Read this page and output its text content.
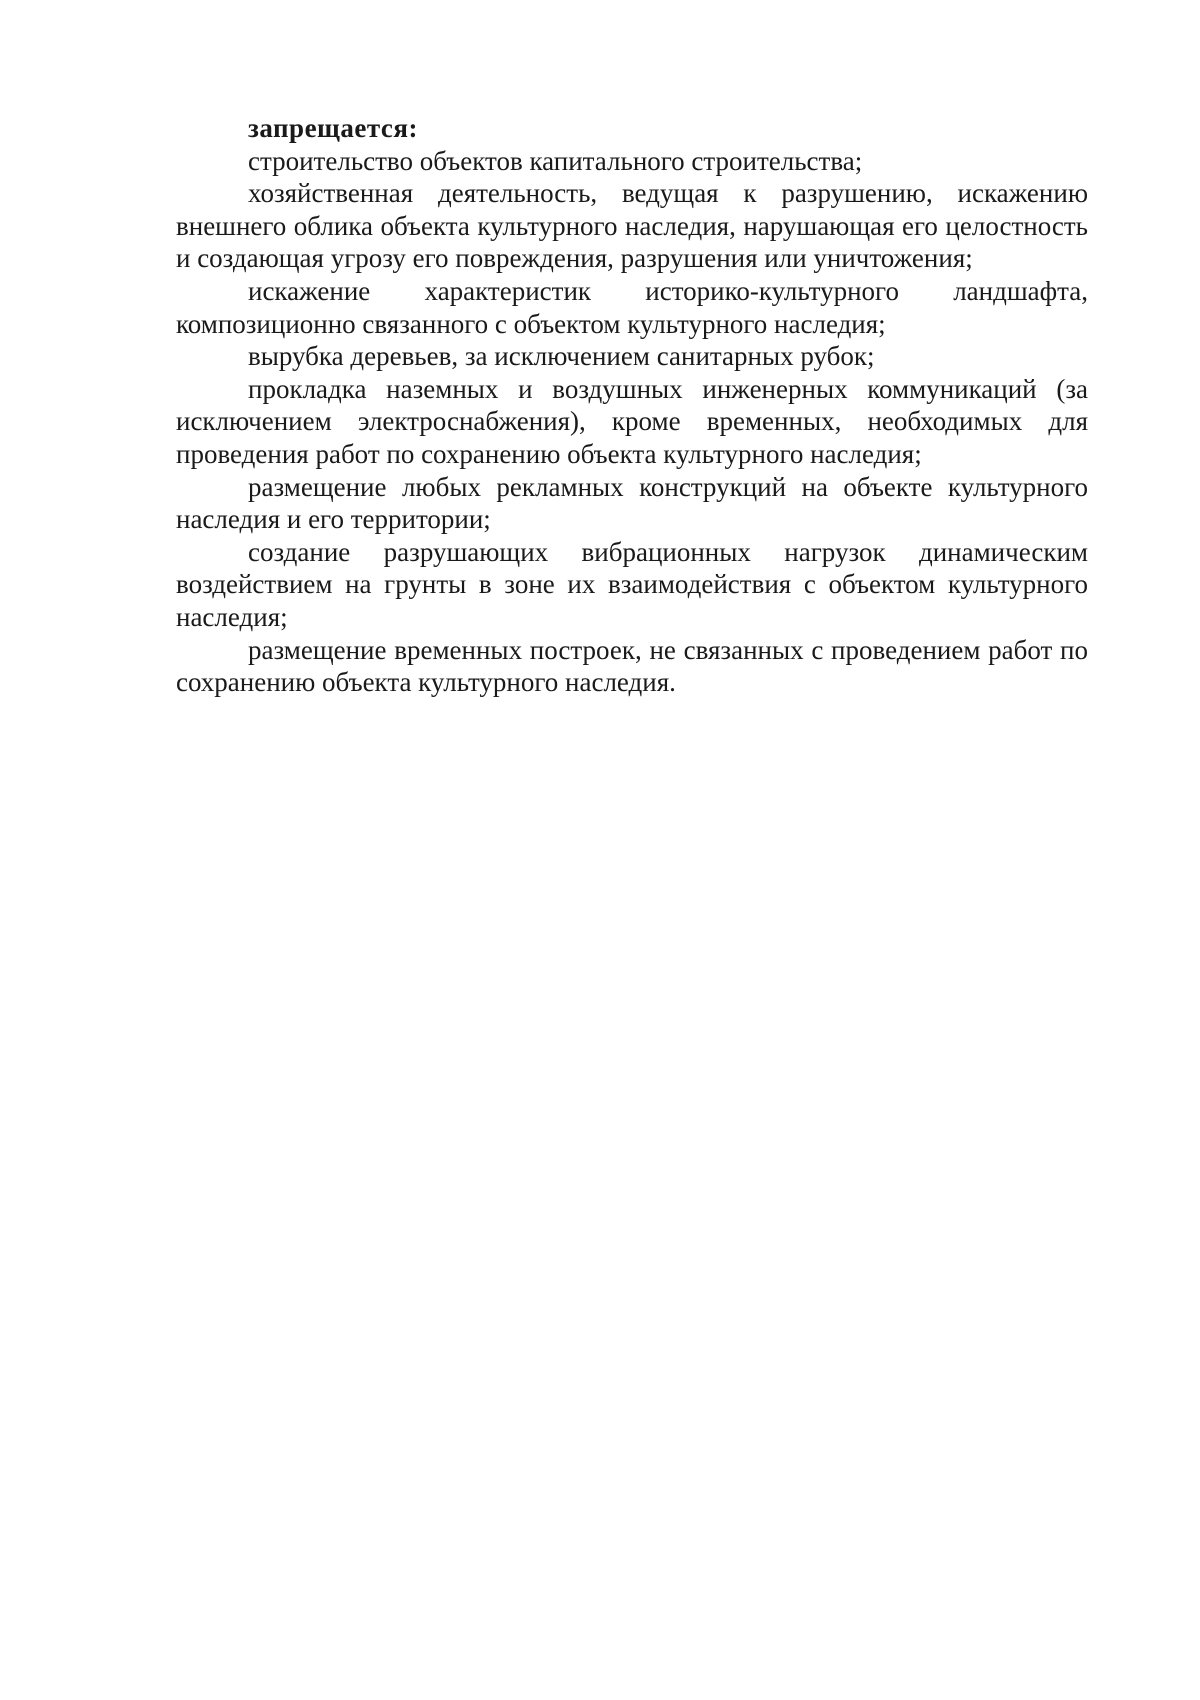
запрещается:

строительство объектов капитального строительства;

хозяйственная деятельность, ведущая к разрушению, искажению внешнего облика объекта культурного наследия, нарушающая его целостность и создающая угрозу его повреждения, разрушения или уничтожения;

искажение характеристик историко-культурного ландшафта, композиционно связанного с объектом культурного наследия;

вырубка деревьев, за исключением санитарных рубок;

прокладка наземных и воздушных инженерных коммуникаций (за исключением электроснабжения), кроме временных, необходимых для проведения работ по сохранению объекта культурного наследия;

размещение любых рекламных конструкций на объекте культурного наследия и его территории;

создание разрушающих вибрационных нагрузок динамическим воздействием на грунты в зоне их взаимодействия с объектом культурного наследия;

размещение временных построек, не связанных с проведением работ по сохранению объекта культурного наследия.
